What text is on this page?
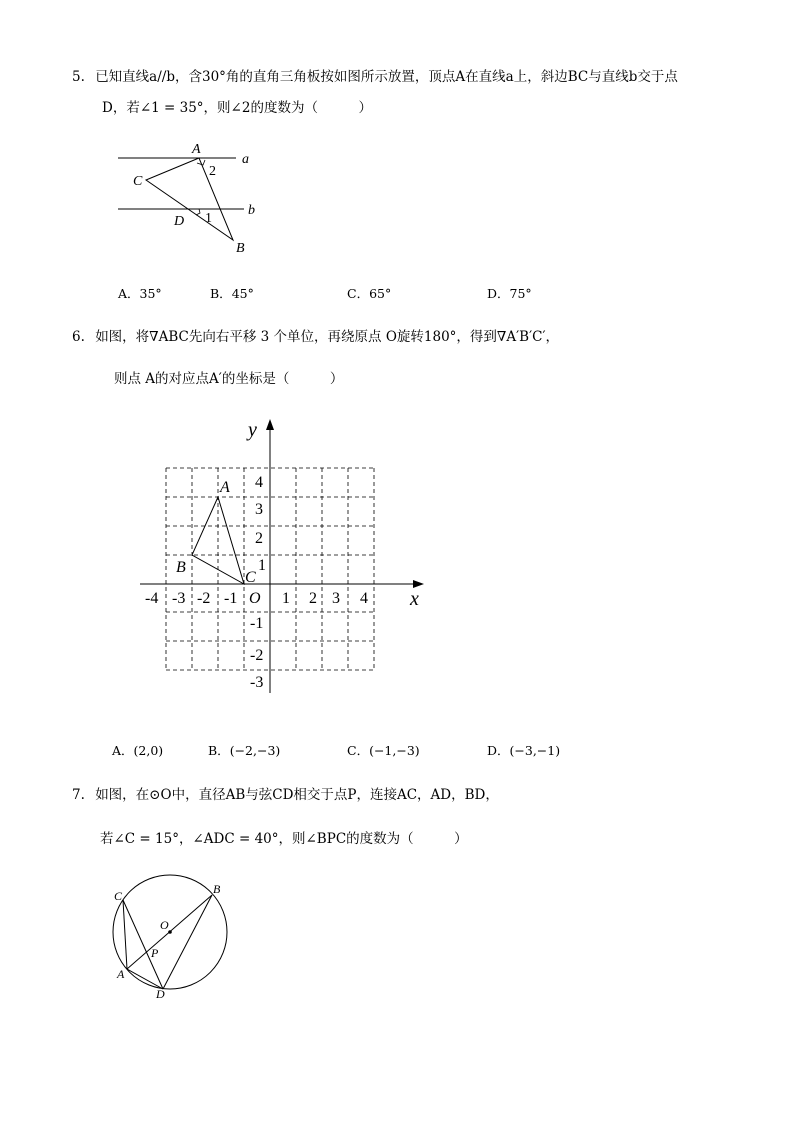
5. 已知直线a//b，含30°角的直角三角板按如图所示放置，顶点A在直线a上，斜边BC与直线b交于点
D，若∠1 = 35°，则∠2的度数为（　　　）
A
2
a
C
D 1
b
B
A．35°	B．45°	C．65°	D．75°
6. 如图，将∇ABC先向右平移 3 个单位，再绕原点 O旋转180°，得到∇A′B′C′，
则点 A的对应点A′的坐标是（　　　）
y
x
O
A
B
C
-4 -3 -2 -1	1 2 3 4
4
3
2
1
-1
-2
-3
A．(2,0)	B．(−2,−3)	C．(−1,−3)	D．(−3,−1)
7. 如图，在⊙O中，直径AB与弦CD相交于点P，连接AC，AD，BD，
若∠C = 15°，∠ADC = 40°，则∠BPC的度数为（　　　）
C	B
O
P
A
D
